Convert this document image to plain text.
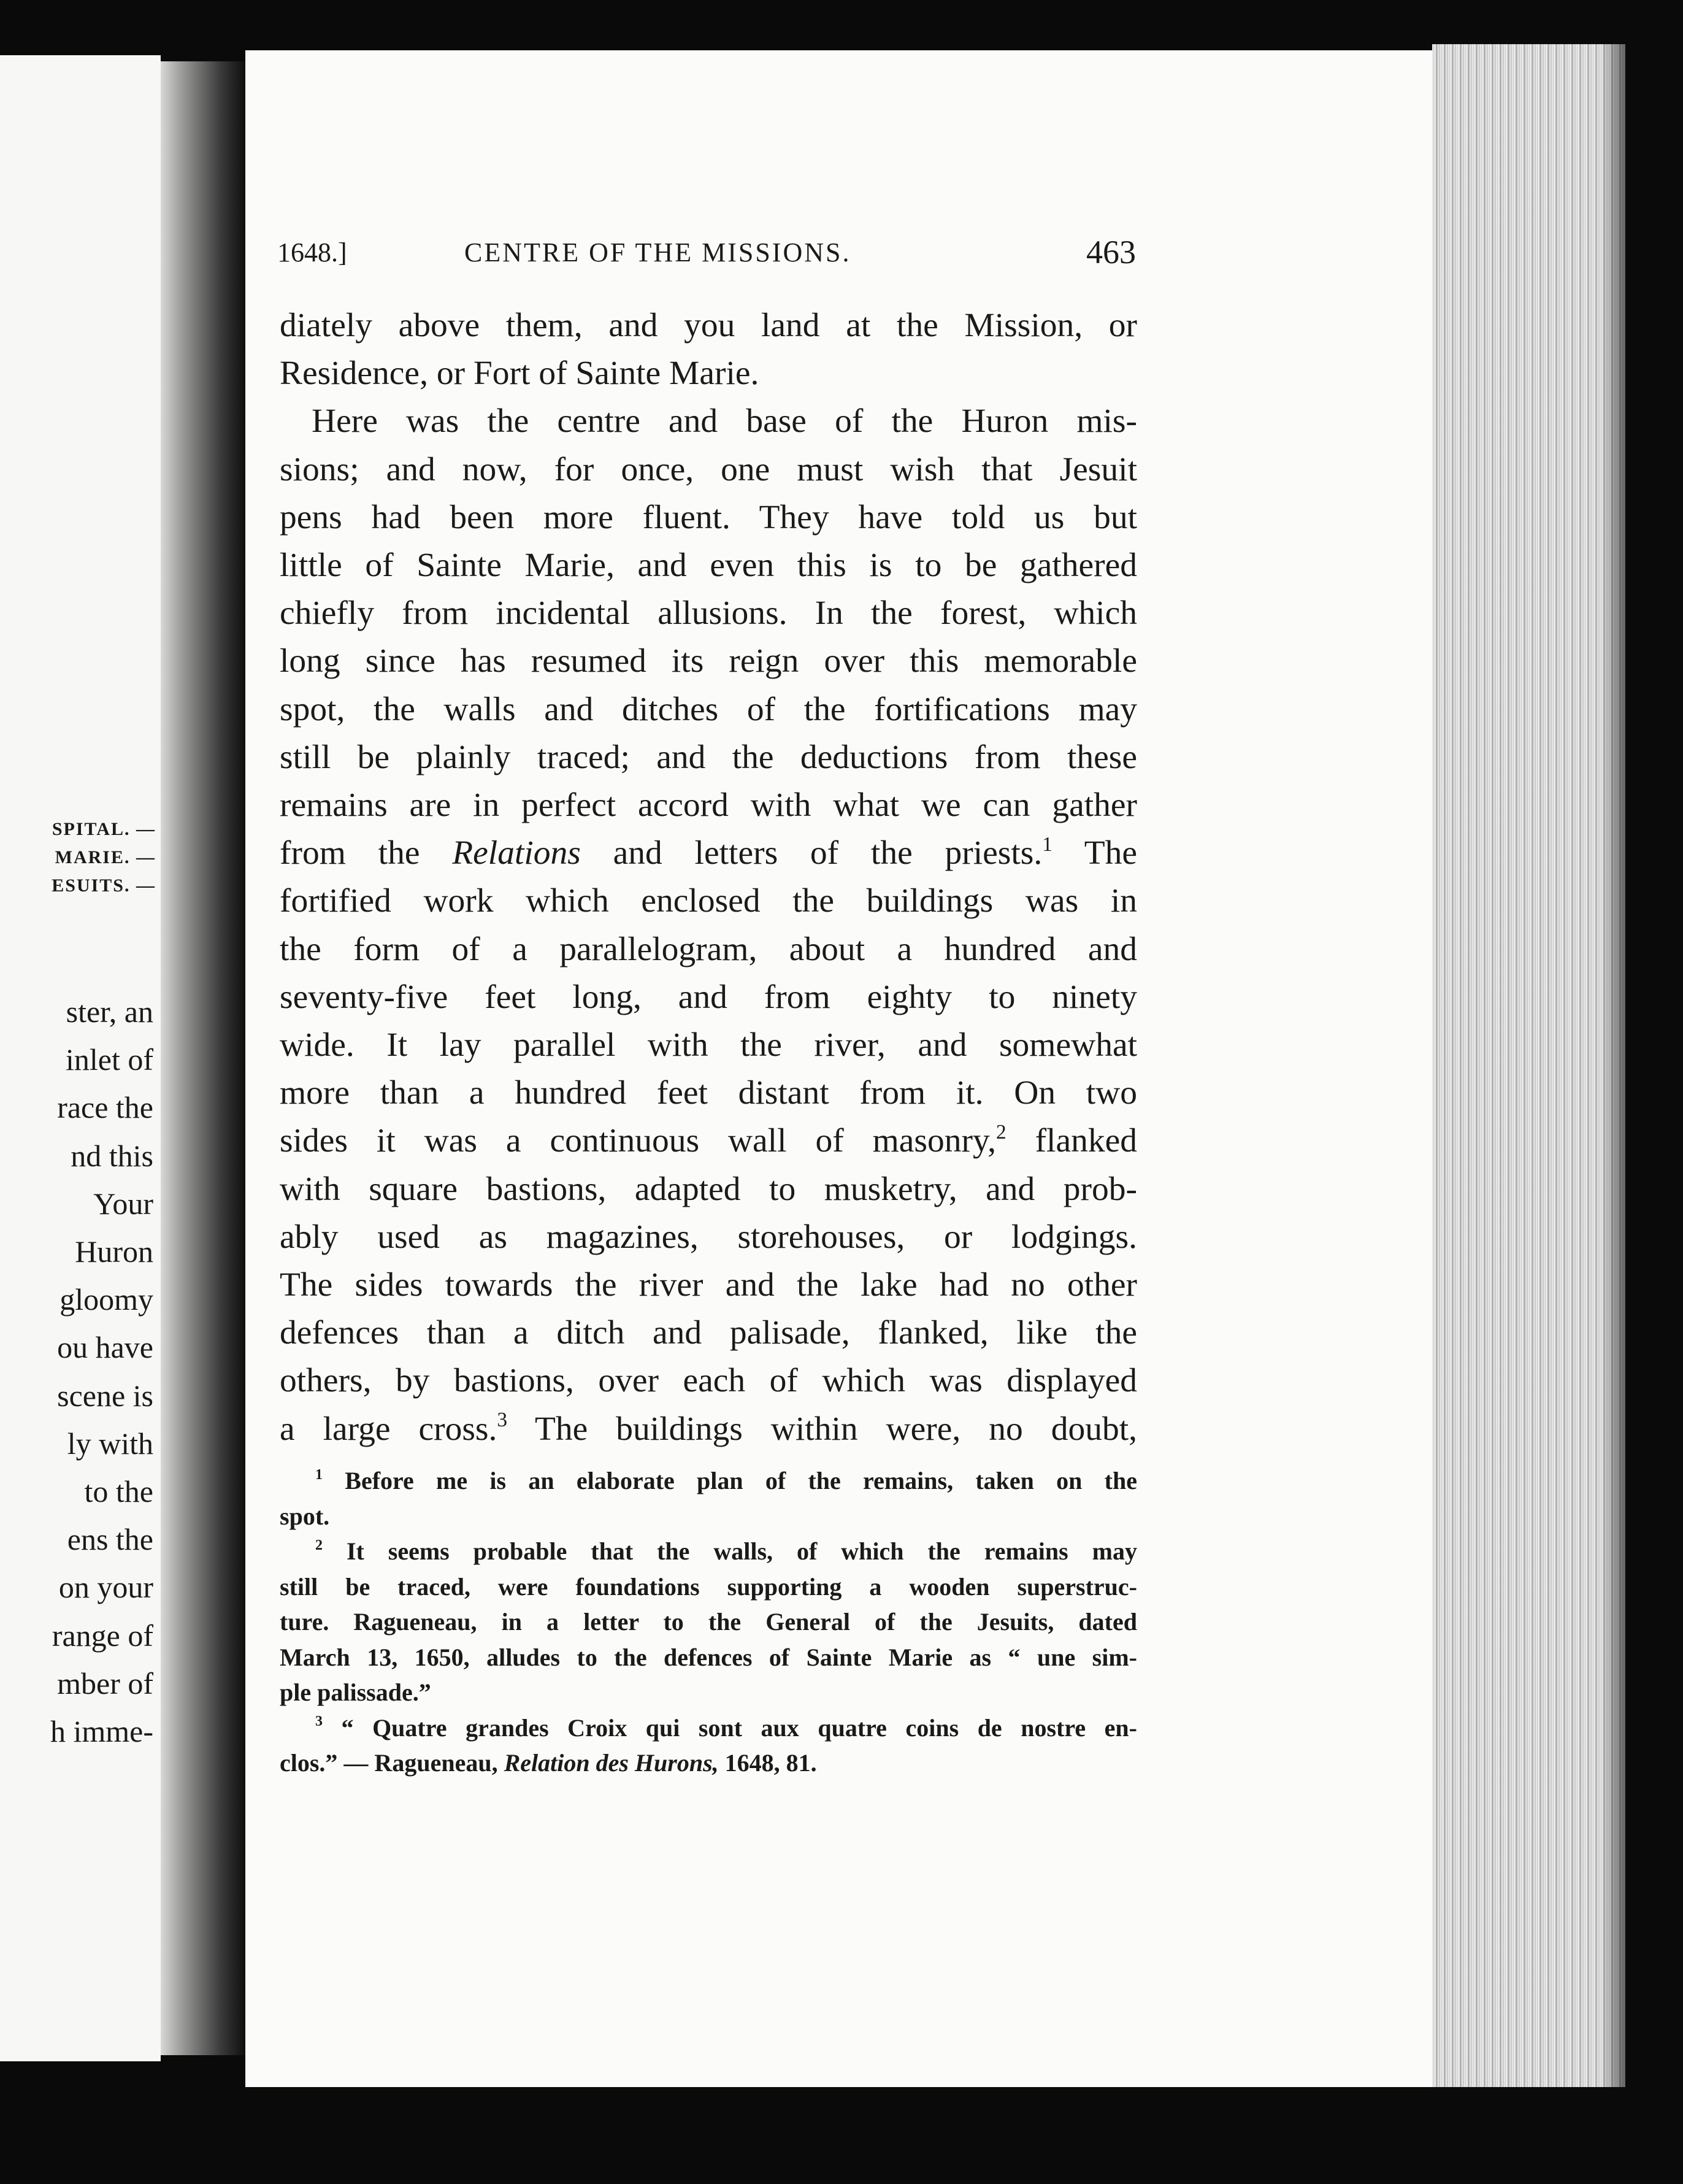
SPITAL. —
MARIE. —
ESUITS. —
ster, an
inlet of
race the
nd this
Your
Huron
gloomy
ou have
scene is
ly with
to the
ens the
on your
range of
mber of
h imme-
1648.]	CENTRE OF THE MISSIONS.	463
diately above them, and you land at the Mission, or
Residence, or Fort of Sainte Marie.
Here was the centre and base of the Huron mis-
sions; and now, for once, one must wish that Jesuit
pens had been more fluent. They have told us but
little of Sainte Marie, and even this is to be gathered
chiefly from incidental allusions. In the forest, which
long since has resumed its reign over this memorable
spot, the walls and ditches of the fortifications may
still be plainly traced; and the deductions from these
remains are in perfect accord with what we can gather
from the Relations and letters of the priests.$^1$ The
fortified work which enclosed the buildings was in
the form of a parallelogram, about a hundred and
seventy-five feet long, and from eighty to ninety
wide. It lay parallel with the river, and somewhat
more than a hundred feet distant from it. On two
sides it was a continuous wall of masonry,$^2$ flanked
with square bastions, adapted to musketry, and prob-
ably used as magazines, storehouses, or lodgings.
The sides towards the river and the lake had no other
defences than a ditch and palisade, flanked, like the
others, by bastions, over each of which was displayed
a large cross.$^3$ The buildings within were, no doubt,
$^1$ Before me is an elaborate plan of the remains, taken on the
spot.
$^2$ It seems probable that the walls, of which the remains may
still be traced, were foundations supporting a wooden superstruc-
ture. Ragueneau, in a letter to the General of the Jesuits, dated
March 13, 1650, alludes to the defences of Sainte Marie as “ une sim-
ple palissade.”
$^3$ “ Quatre grandes Croix qui sont aux quatre coins de nostre en-
clos.” — Ragueneau, Relation des Hurons, 1648, 81.
